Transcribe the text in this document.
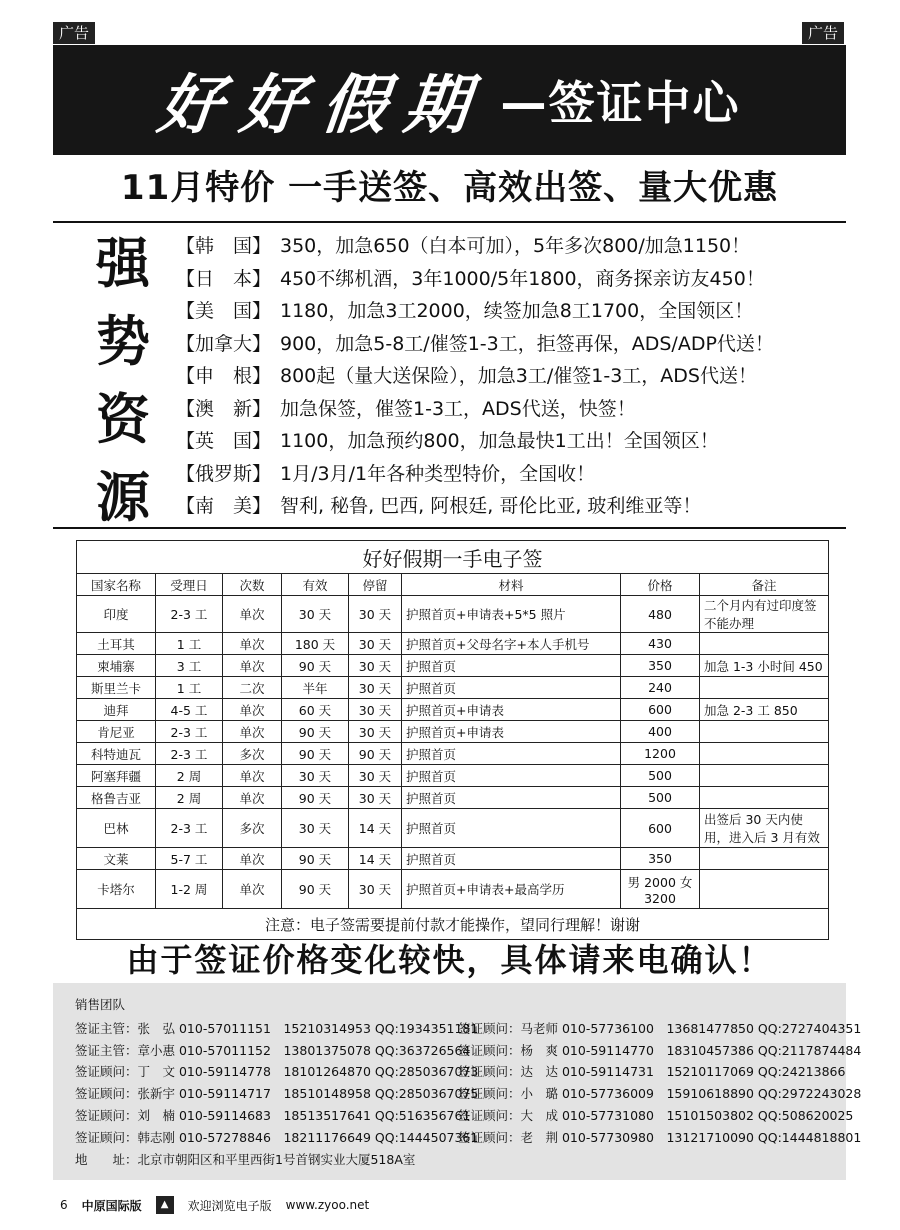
广告	广告
好好假期 —签证中心
11月特价 一手送签、高效出签、量大优惠
强
势
资
源
【韩　国】 350，加急650（白本可加），5年多次800/加急1150！
【日　本】 450不绑机酒，3年1000/5年1800，商务探亲访友450！
【美　国】 1180，加急3工2000，续签加急8工1700，全国领区！
【加拿大】 900，加急5-8工/催签1-3工，拒签再保，ADS/ADP代送！
【申　根】 800起（量大送保险），加急3工/催签1-3工，ADS代送！
【澳　新】 加急保签，催签1-3工，ADS代送，快签！
【英　国】 1100，加急预约800，加急最快1工出！全国领区！
【俄罗斯】 1月/3月/1年各种类型特价，全国收！
【南　美】 智利, 秘鲁, 巴西, 阿根廷, 哥伦比亚, 玻利维亚等！
好好假期一手电子签							
国家名称	受理日	次数	有效	停留	材料	价格	备注
印度	2-3 工	单次	30 天	30 天	护照首页+申请表+5*5 照片	480	二个月内有过印度签不能办理
土耳其	1 工	单次	180 天	30 天	护照首页+父母名字+本人手机号	430	
柬埔寨	3 工	单次	90 天	30 天	护照首页	350	加急 1-3 小时间 450
斯里兰卡	1 工	二次	半年	30 天	护照首页	240	
迪拜	4-5 工	单次	60 天	30 天	护照首页+申请表	600	加急 2-3 工 850
肯尼亚	2-3 工	单次	90 天	30 天	护照首页+申请表	400	
科特迪瓦	2-3 工	多次	90 天	90 天	护照首页	1200	
阿塞拜疆	2 周	单次	30 天	30 天	护照首页	500	
格鲁吉亚	2 周	单次	90 天	30 天	护照首页	500	
巴林	2-3 工	多次	30 天	14 天	护照首页	600	出签后 30 天内使用，进入后 3 月有效
文莱	5-7 工	单次	90 天	14 天	护照首页	350	
卡塔尔	1-2 周	单次	90 天	30 天	护照首页+申请表+最高学历	男 2000 女 3200	
注意：电子签需要提前付款才能操作，望同行理解！谢谢							
由于签证价格变化较快，具体请来电确认！
销售团队
地　　址：北京市朝阳区和平里西街1号首钢实业大厦518A室
签证主管：张　弘 010-57011151　15210314953 QQ:1934351181
签证主管：章小惠 010-57011152　13801375078 QQ:363726564
签证顾问：丁　文 010-59114778　18101264870 QQ:2850367073
签证顾问：张新宇 010-59114717　18510148958 QQ:2850367075
签证顾问：刘　楠 010-59114683　18513517641 QQ:516356761
签证顾问：韩志刚 010-57278846　18211176649 QQ:1444507361
签证顾问：马老师 010-57736100　13681477850 QQ:2727404351
签证顾问：杨　爽 010-59114770　18310457386 QQ:2117874484
签证顾问：达　达 010-59114731　15210117069 QQ:24213866
签证顾问：小　璐 010-57736009　15910618890 QQ:2972243028
签证顾问：大　成 010-57731080　15101503802 QQ:508620025
签证顾问：老　荆 010-57730980　13121710090 QQ:1444818801
6 中原国际版	▲	欢迎浏览电子版 www.zyoo.net
